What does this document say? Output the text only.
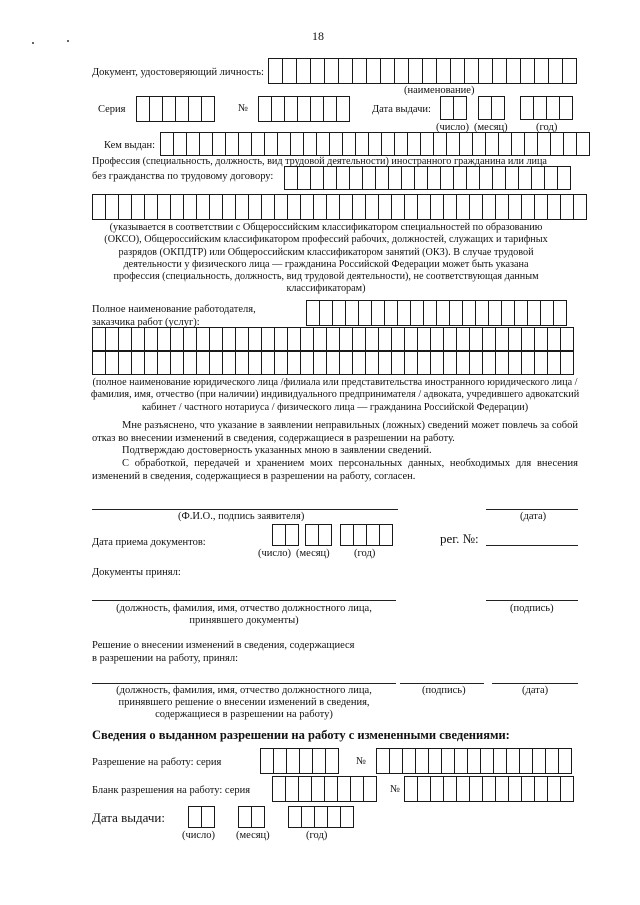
18
Документ, удостоверяющий личность:
(наименование)
Серия	№	Дата выдачи:
(число) (месяц)	(год)
Кем выдан:
Профессия (специальность, должность, вид трудовой деятельности) иностранного гражданина или лица
без гражданства по трудовому договору:
(указывается в соответствии с Общероссийским классификатором специальностей по образованию (ОКСО), Общероссийским классификатором профессий рабочих, должностей, служащих и тарифных разрядов (ОКПДТР) или Общероссийским классификатором занятий (ОКЗ). В случае трудовой деятельности у физического лица — гражданина Российской Федерации может быть указана профессия (специальность, должность, вид трудовой деятельности), не соответствующая данным классификаторам)
Полное наименование работодателя,
заказчика работ (услуг):
(полное наименование юридического лица /филиала или представительства иностранного юридического лица / фамилия, имя, отчество (при наличии) индивидуального предпринимателя / адвоката, учредившего адвокатский кабинет / частного нотариуса / физического лица — гражданина Российской Федерации)
Мне разъяснено, что указание в заявлении неправильных (ложных) сведений может повлечь за собой отказ во внесении изменений в сведения, содержащиеся в разрешении на работу.
Подтверждаю достоверность указанных мною в заявлении сведений.
С обработкой, передачей и хранением моих персональных данных, необходимых для внесения изменений в сведения, содержащиеся в разрешении на работу, согласен.
(Ф.И.О., подпись заявителя)	(дата)
Дата приема документов:
(число) (месяц) (год)
рег. №:
Документы принял:
(должность, фамилия, имя, отчество должностного лица,
принявшего документы)
(подпись)
Решение о внесении изменений в сведения, содержащиеся
в разрешении на работу, принял:
(должность, фамилия, имя, отчество должностного лица,
принявшего решение о внесении изменений в сведения,
содержащиеся в разрешении на работу)
(подпись)	(дата)
Сведения о выданном разрешении на работу с измененными сведениями:
Разрешение на работу: серия	№
Бланк разрешения на работу: серия	№
Дата выдачи:
(число) (месяц)	(год)
